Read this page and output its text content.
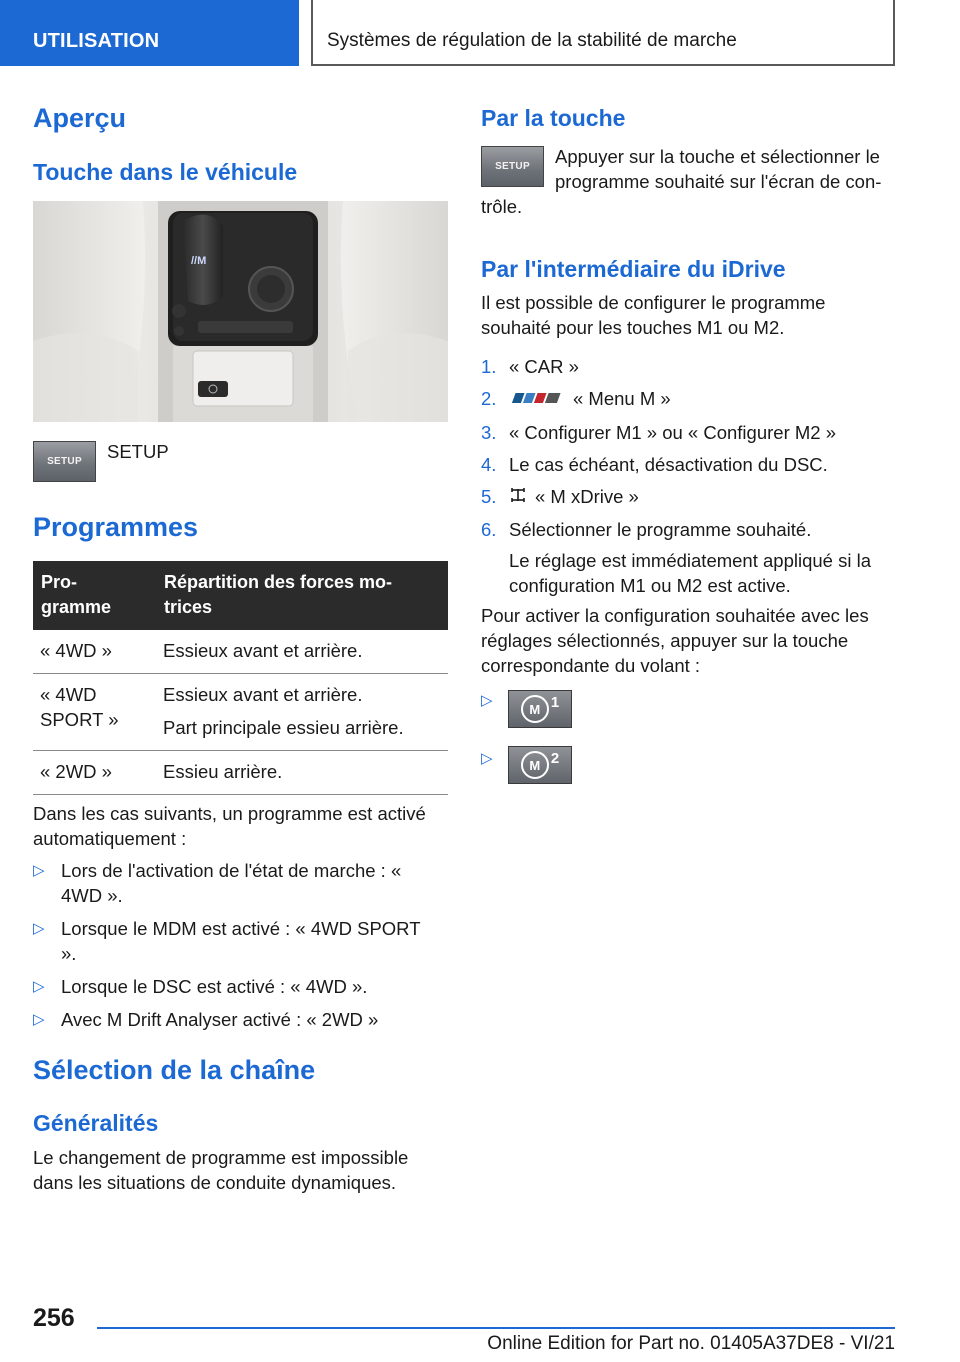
UTILISATION	Systèmes de régulation de la stabilité de marche
Aperçu
Touche dans le véhicule
//M
SETUP	SETUP
Programmes
Pro-
gramme	Répartition des forces mo-
trices
« 4WD »	Essieux avant et arrière.
« 4WD SPORT »	Essieux avant et arrière.
Part principale essieu arrière.

« 2WD »	Essieu arrière.
Dans les cas suivants, un programme est activé automatiquement :
▷ Lors de l'activation de l'état de marche : « 4WD ».
▷ Lorsque le MDM est activé : « 4WD SPORT ».
▷ Lorsque le DSC est activé : « 4WD ».
▷ Avec M Drift Analyser activé : « 2WD »
Sélection de la chaîne
Généralités
Le changement de programme est impossible dans les situations de conduite dynamiques.
Par la touche
SETUP	Appuyer sur la touche et sélectionner le
programme souhaité sur l'écran de con-
trôle.
Par l'intermédiaire du iDrive
Il est possible de configurer le programme souhaité pour les touches M1 ou M2.
1. « CAR »
2.	« Menu M »
3. « Configurer M1 » ou « Configurer M2 »
4. Le cas échéant, désactivation du DSC.
5. « M xDrive »
6. Sélectionner le programme souhaité.
Le réglage est immédiatement appliqué si la configuration M1 ou M2 est active.
Pour activer la configuration souhaitée avec les réglages sélectionnés, appuyer sur la touche correspondante du volant :
▷
▷
M 1
M 2
256
Online Edition for Part no. 01405A37DE8 - VI/21
